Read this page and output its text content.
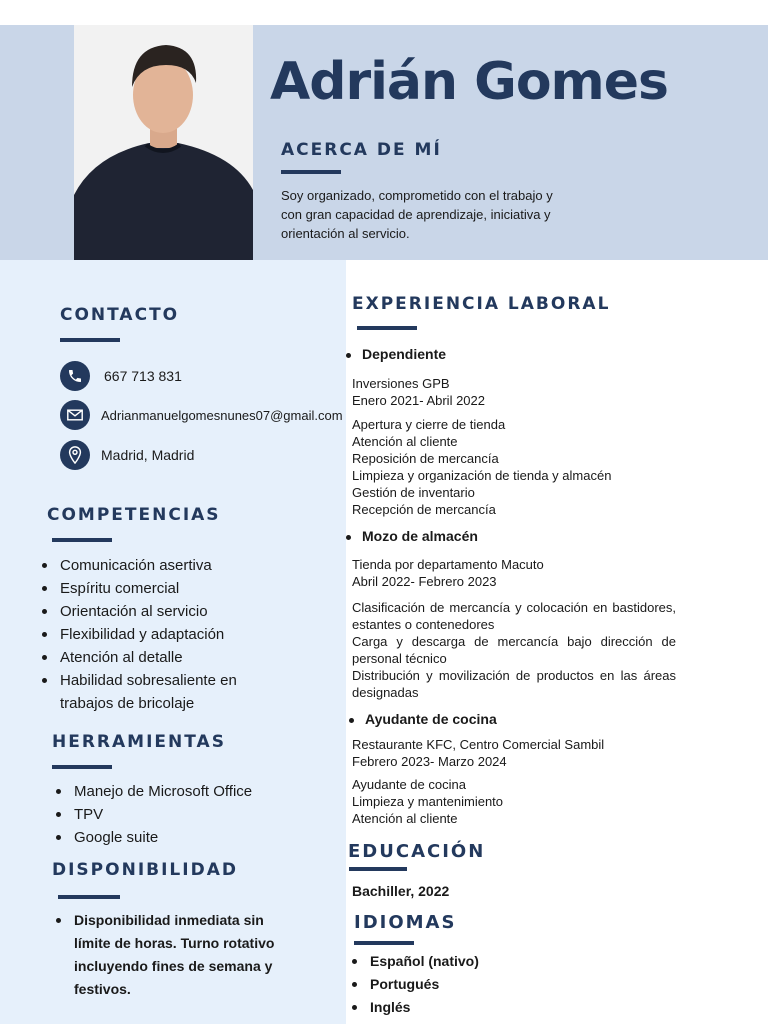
Adrián Gomes
ACERCA DE MÍ
Soy organizado, comprometido con el trabajo y con gran capacidad de aprendizaje, iniciativa y orientación al servicio.
CONTACTO
667 713 831
Adrianmanuelgomesnunes07@gmail.com
Madrid, Madrid
COMPETENCIAS
Comunicación asertiva
Espíritu comercial
Orientación al servicio
Flexibilidad y adaptación
Atención al detalle
Habilidad sobresaliente en trabajos de bricolaje
HERRAMIENTAS
Manejo de Microsoft Office
TPV
Google suite
DISPONIBILIDAD
Disponibilidad inmediata sin límite de horas. Turno rotativo incluyendo fines de semana y festivos.
EXPERIENCIA LABORAL
Dependiente
Inversiones GPB
Enero 2021- Abril 2022
Apertura y cierre de tienda
Atención al cliente
Reposición de mercancía
Limpieza y organización de tienda y almacén
Gestión de inventario
Recepción de mercancía
Mozo de almacén
Tienda por departamento Macuto
Abril 2022- Febrero 2023
Clasificación de mercancía y colocación en bastidores, estantes o contenedores
Carga y descarga de mercancía bajo dirección de personal técnico
Distribución y movilización de productos en las áreas designadas
Ayudante de cocina
Restaurante KFC, Centro Comercial Sambil
Febrero 2023- Marzo 2024
Ayudante de cocina
Limpieza y mantenimiento
Atención al cliente
EDUCACIÓN
Bachiller, 2022
IDIOMAS
Español (nativo)
Portugués
Inglés
